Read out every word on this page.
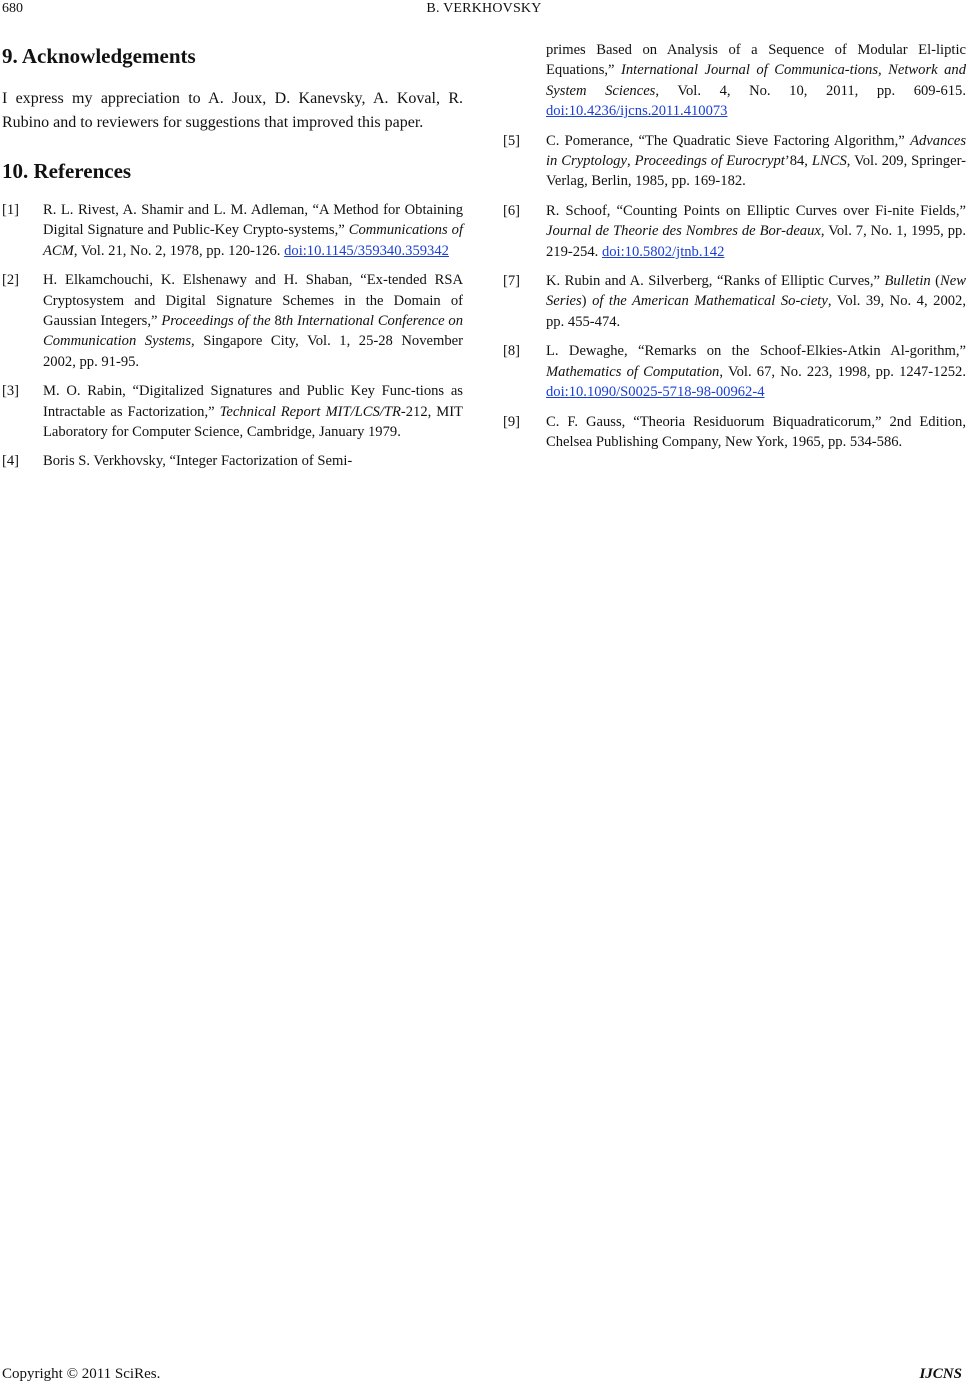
680	B. VERKHOVSKY
9. Acknowledgements

I express my appreciation to A. Joux, D. Kanevsky, A. Koval, R. Rubino and to reviewers for suggestions that improved this paper.

10. References
[1] R. L. Rivest, A. Shamir and L. M. Adleman, “A Method for Obtaining Digital Signature and Public-Key Crypto-systems,” Communications of ACM, Vol. 21, No. 2, 1978, pp. 120-126. doi:10.1145/359340.359342
[2] H. Elkamchouchi, K. Elshenawy and H. Shaban, “Ex-tended RSA Cryptosystem and Digital Signature Schemes in the Domain of Gaussian Integers,” Proceedings of the 8th International Conference on Communication Systems, Singapore City, Vol. 1, 25-28 November 2002, pp. 91-95.
[3] M. O. Rabin, “Digitalized Signatures and Public Key Func-tions as Intractable as Factorization,” Technical Report MIT/LCS/TR-212, MIT Laboratory for Computer Science, Cambridge, January 1979.
[4] Boris S. Verkhovsky, “Integer Factorization of Semi-
primes Based on Analysis of a Sequence of Modular El-liptic Equations,” International Journal of Communica-tions, Network and System Sciences, Vol. 4, No. 10, 2011, pp. 609-615. doi:10.4236/ijcns.2011.410073
[5] C. Pomerance, “The Quadratic Sieve Factoring Algorithm,” Advances in Cryptology, Proceedings of Eurocrypt’84, LNCS, Vol. 209, Springer-Verlag, Berlin, 1985, pp. 169-182.
[6] R. Schoof, “Counting Points on Elliptic Curves over Fi-nite Fields,” Journal de Theorie des Nombres de Bor-deaux, Vol. 7, No. 1, 1995, pp. 219-254. doi:10.5802/jtnb.142
[7] K. Rubin and A. Silverberg, “Ranks of Elliptic Curves,” Bulletin (New Series) of the American Mathematical So-ciety, Vol. 39, No. 4, 2002, pp. 455-474.
[8] L. Dewaghe, “Remarks on the Schoof-Elkies-Atkin Al-gorithm,” Mathematics of Computation, Vol. 67, No. 223, 1998, pp. 1247-1252. doi:10.1090/S0025-5718-98-00962-4
[9] C. F. Gauss, “Theoria Residuorum Biquadraticorum,” 2nd Edition, Chelsea Publishing Company, New York, 1965, pp. 534-586.
Copyright © 2011 SciRes.	IJCNS
